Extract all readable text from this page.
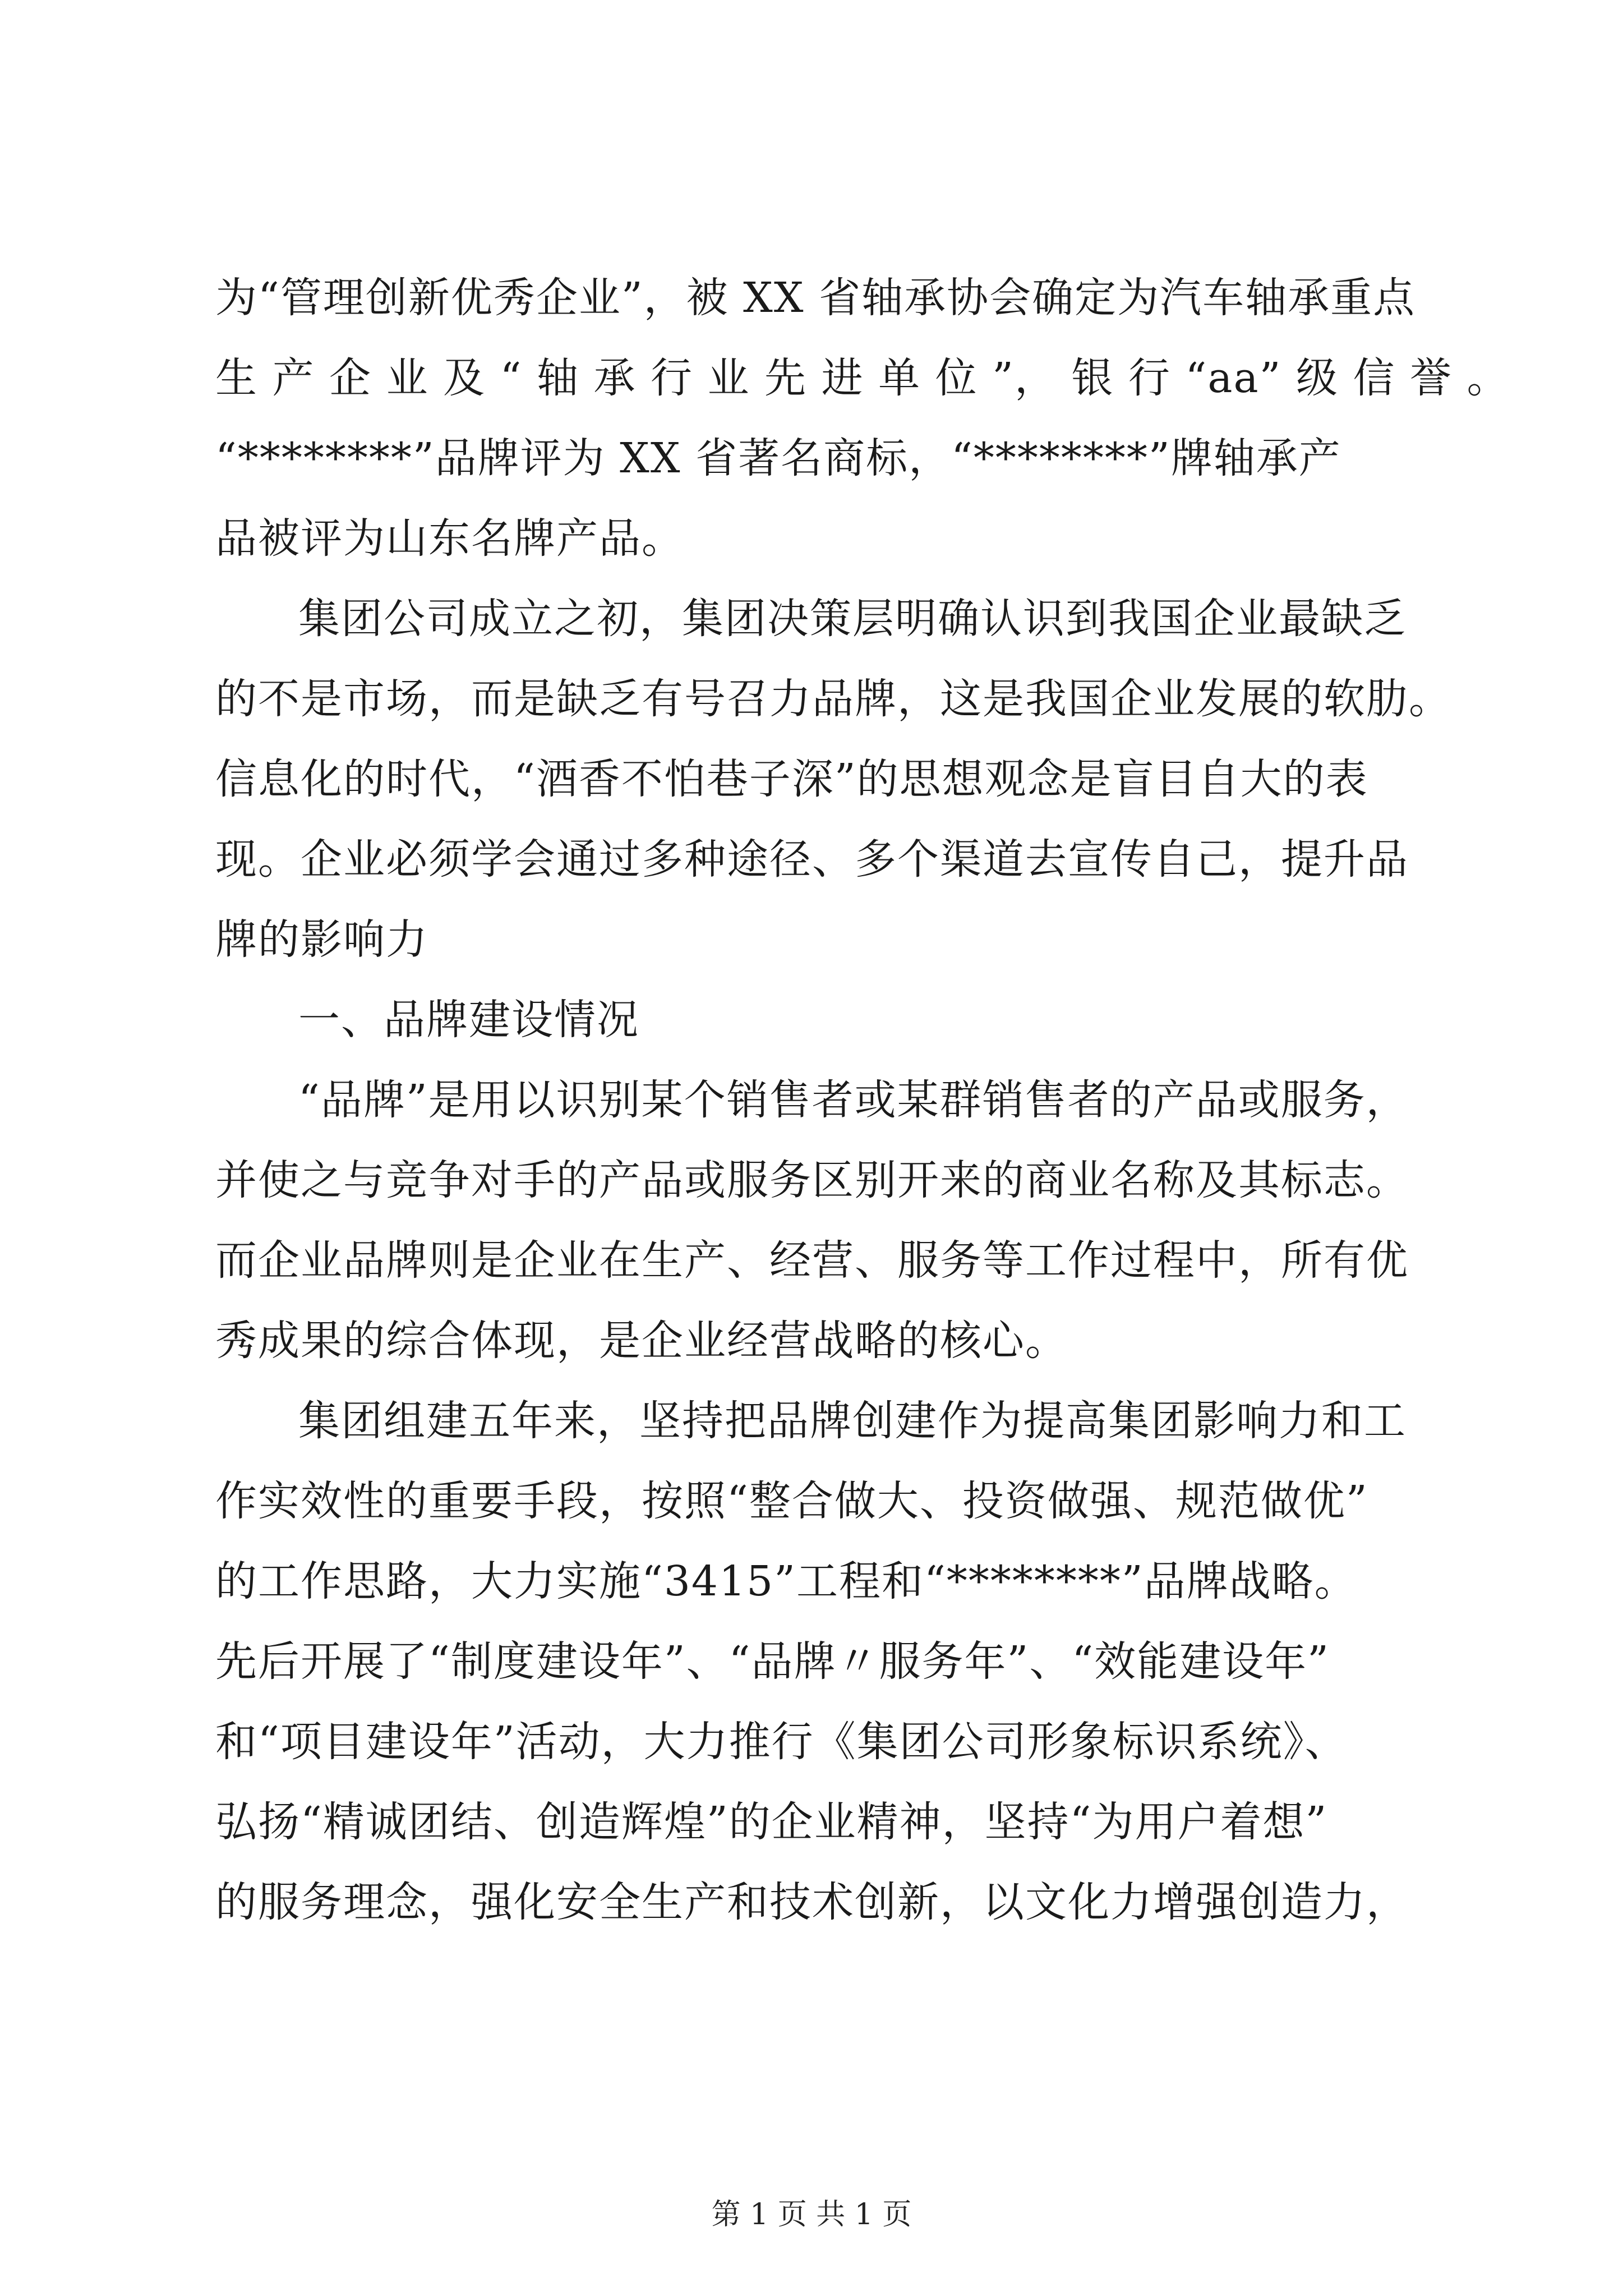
为“管理创新优秀企业”，被 XX 省轴承协会确定为汽车轴承重点
生 产 企 业 及 “ 轴 承 行 业 先 进 单 位 ”， 银 行 “aa” 级 信 誉 。
“********”品牌评为 XX 省著名商标，“********”牌轴承产
品被评为山东名牌产品。
集团公司成立之初，集团决策层明确认识到我国企业最缺乏
的不是市场，而是缺乏有号召力品牌，这是我国企业发展的软肋。
信息化的时代，“酒香不怕巷子深”的思想观念是盲目自大的表
现。企业必须学会通过多种途径、多个渠道去宣传自己，提升品
牌的影响力
一、品牌建设情况
“品牌”是用以识别某个销售者或某群销售者的产品或服务，
并使之与竞争对手的产品或服务区别开来的商业名称及其标志。
而企业品牌则是企业在生产、经营、服务等工作过程中，所有优
秀成果的综合体现，是企业经营战略的核心。
集团组建五年来，坚持把品牌创建作为提高集团影响力和工
作实效性的重要手段，按照“整合做大、投资做强、规范做优”
的工作思路，大力实施“3415”工程和“********”品牌战略。
先后开展了“制度建设年”、“品牌〃服务年”、“效能建设年”
和“项目建设年”活动，大力推行《集团公司形象标识系统》、
弘扬“精诚团结、创造辉煌”的企业精神，坚持“为用户着想”
的服务理念，强化安全生产和技术创新，以文化力增强创造力，
第 1 页 共 1 页
